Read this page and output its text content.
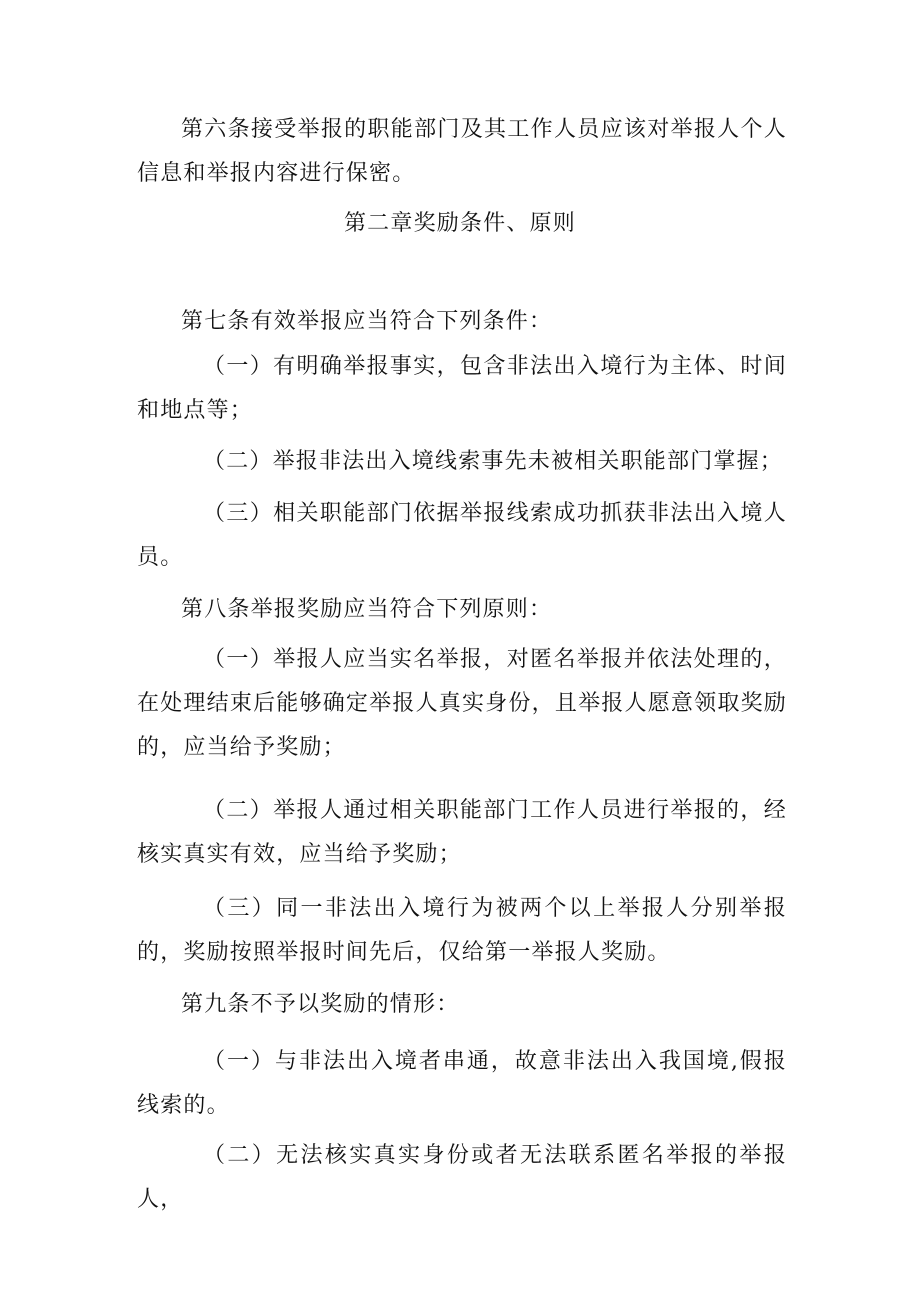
第六条接受举报的职能部门及其工作人员应该对举报人个人信息和举报内容进行保密。

第二章奖励条件、原则

第七条有效举报应当符合下列条件：

（一）有明确举报事实，包含非法出入境行为主体、时间和地点等；

（二）举报非法出入境线索事先未被相关职能部门掌握；

（三）相关职能部门依据举报线索成功抓获非法出入境人员。

第八条举报奖励应当符合下列原则：

（一）举报人应当实名举报，对匿名举报并依法处理的，在处理结束后能够确定举报人真实身份，且举报人愿意领取奖励的，应当给予奖励；

（二）举报人通过相关职能部门工作人员进行举报的，经核实真实有效，应当给予奖励；

（三）同一非法出入境行为被两个以上举报人分别举报的，奖励按照举报时间先后，仅给第一举报人奖励。

第九条不予以奖励的情形：

（一）与非法出入境者串通，故意非法出入我国境,假报线索的。

（二）无法核实真实身份或者无法联系匿名举报的举报人，
